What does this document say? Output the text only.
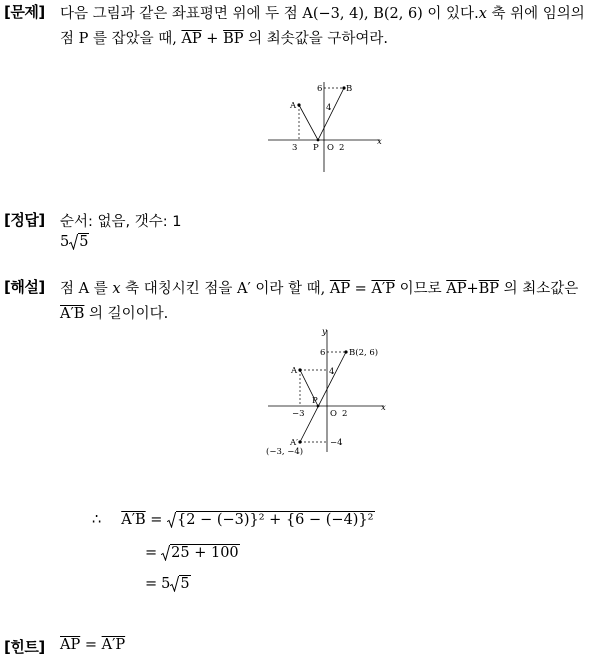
[문제] 다음 그림과 같은 좌표평면 위에 두 점 A(−3, 4), B(2, 6) 이 있다.x 축 위에 임의의
점 P 를 잡았을 때, $\overline{AP} + \overline{BP}$ 의 최솟값을 구하여라.
A
B
6
4
3 P O 2
x
[정답] 순서: 없음, 갯수: 1
5 5
[해설] 점 A 를 x 축 대칭시킨 점을 A′ 이라 할 때, $\overline{AP} = A'P$ 이므로 $\overline{AP}+\overline{BP}$ 의 최소값은
A′B 의 길이이다.
y
x
6	B(2, 6)
A	4
P
−3	O 2
A′	−4
(−3, −4)
∴ A′B =
{2 − (−3)}² + {6 − (−4)}²
= 25 + 100
= 5 5
[힌트] $\overline{AP} = A'P$
